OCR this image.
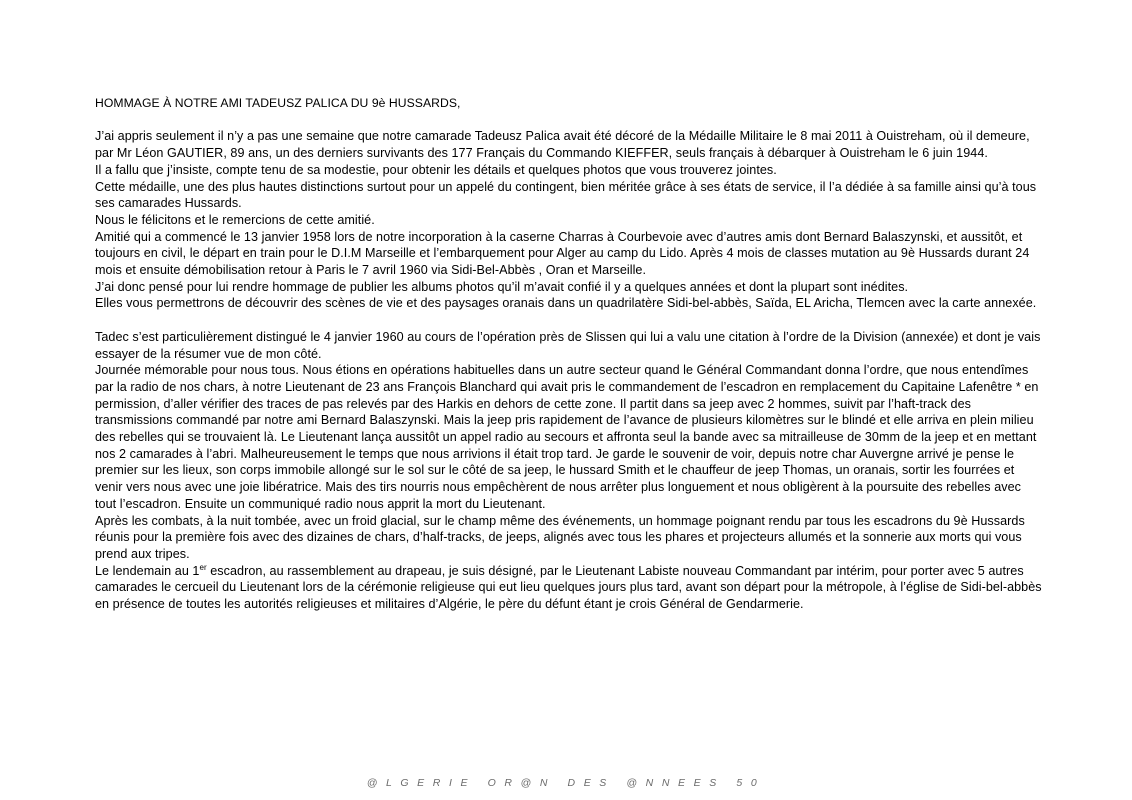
HOMMAGE À NOTRE AMI TADEUSZ PALICA DU 9è HUSSARDS,
J’ai appris seulement il n’y a pas une semaine que notre camarade Tadeusz Palica avait été décoré de la Médaille Militaire le 8 mai 2011 à Ouistreham, où il demeure, par Mr Léon GAUTIER, 89 ans, un des derniers survivants des 177 Français du Commando KIEFFER, seuls français à débarquer à Ouistreham le 6 juin 1944.
Il a fallu que j’insiste, compte tenu de sa modestie, pour obtenir les détails et quelques photos que vous trouverez jointes.
Cette médaille, une des plus hautes distinctions surtout pour un appelé du contingent, bien méritée grâce à ses états de service, il l’a dédiée à sa famille ainsi qu’à tous ses camarades Hussards.
Nous le félicitons et le remercions de cette amitié.
Amitié qui a commencé le 13 janvier 1958 lors de notre incorporation à la caserne Charras à Courbevoie avec d’autres amis dont Bernard Balaszynski, et aussitôt, et toujours en civil, le départ en train pour le D.I.M Marseille et l’embarquement pour Alger au camp du Lido. Après 4 mois de classes mutation au 9è Hussards durant 24 mois et ensuite démobilisation retour à Paris le 7 avril 1960 via Sidi-Bel-Abbès , Oran et Marseille.
J’ai donc pensé pour lui rendre hommage de publier les albums photos qu’il m’avait confié il y a quelques années et dont la plupart sont inédites.
Elles vous permettrons de découvrir des scènes de vie et des paysages oranais dans un quadrilatère Sidi-bel-abbès, Saïda, EL Aricha, Tlemcen avec la carte annexée.
Tadec s’est particulièrement distingué le 4 janvier 1960 au cours de l’opération près de Slissen qui lui a valu une citation à l’ordre de la Division (annexée) et dont je vais essayer de la résumer vue de mon côté.
Journée mémorable pour nous tous. Nous étions en opérations habituelles dans un autre secteur quand le Général Commandant donna l’ordre, que nous entendîmes par la radio de nos chars, à notre Lieutenant de 23 ans François Blanchard qui avait pris le commandement de l’escadron en remplacement du Capitaine Lafenêtre * en permission, d’aller vérifier des traces de pas relevés par des Harkis en dehors de cette zone. Il partit dans sa jeep avec 2 hommes, suivit par l’haft-track des transmissions commandé par notre ami Bernard Balaszynski. Mais la jeep pris rapidement de l’avance de plusieurs kilomètres sur le blindé et elle arriva en plein milieu des rebelles qui se trouvaient là. Le Lieutenant lança aussitôt un appel radio au secours et affronta seul la bande avec sa mitrailleuse de 30mm de la jeep et en mettant nos 2 camarades à l’abri. Malheureusement le temps que nous arrivions il était trop tard. Je garde le souvenir de voir, depuis notre char Auvergne arrivé je pense le premier sur les lieux, son corps immobile allongé sur le sol sur le côté de sa jeep, le hussard Smith et le chauffeur de jeep Thomas, un oranais, sortir les fourrées et venir vers nous avec une joie libératrice. Mais des tirs nourris nous empêchèrent de nous arrêter plus longuement et nous obligèrent à la poursuite des rebelles avec tout l’escadron. Ensuite un communiqué radio nous apprit la mort du Lieutenant.
Après les combats, à la nuit tombée, avec un froid glacial, sur le champ même des événements, un hommage poignant rendu par tous les escadrons du 9è Hussards réunis pour la première fois avec des dizaines de chars, d’half-tracks, de jeeps, alignés avec tous les phares et projecteurs allumés et la sonnerie aux morts qui vous prend aux tripes.
Le lendemain au 1er escadron, au rassemblement au drapeau, je suis désigné, par le Lieutenant Labiste nouveau Commandant par intérim, pour porter avec 5 autres camarades le cercueil du Lieutenant lors de la cérémonie religieuse qui eut lieu quelques jours plus tard, avant son départ pour la métropole, à l’église de Sidi-bel-abbès en présence de toutes les autorités religieuses et militaires d’Algérie, le père du défunt étant je crois Général de Gendarmerie.
@LGERIE OR@N DES @NNEES 50
